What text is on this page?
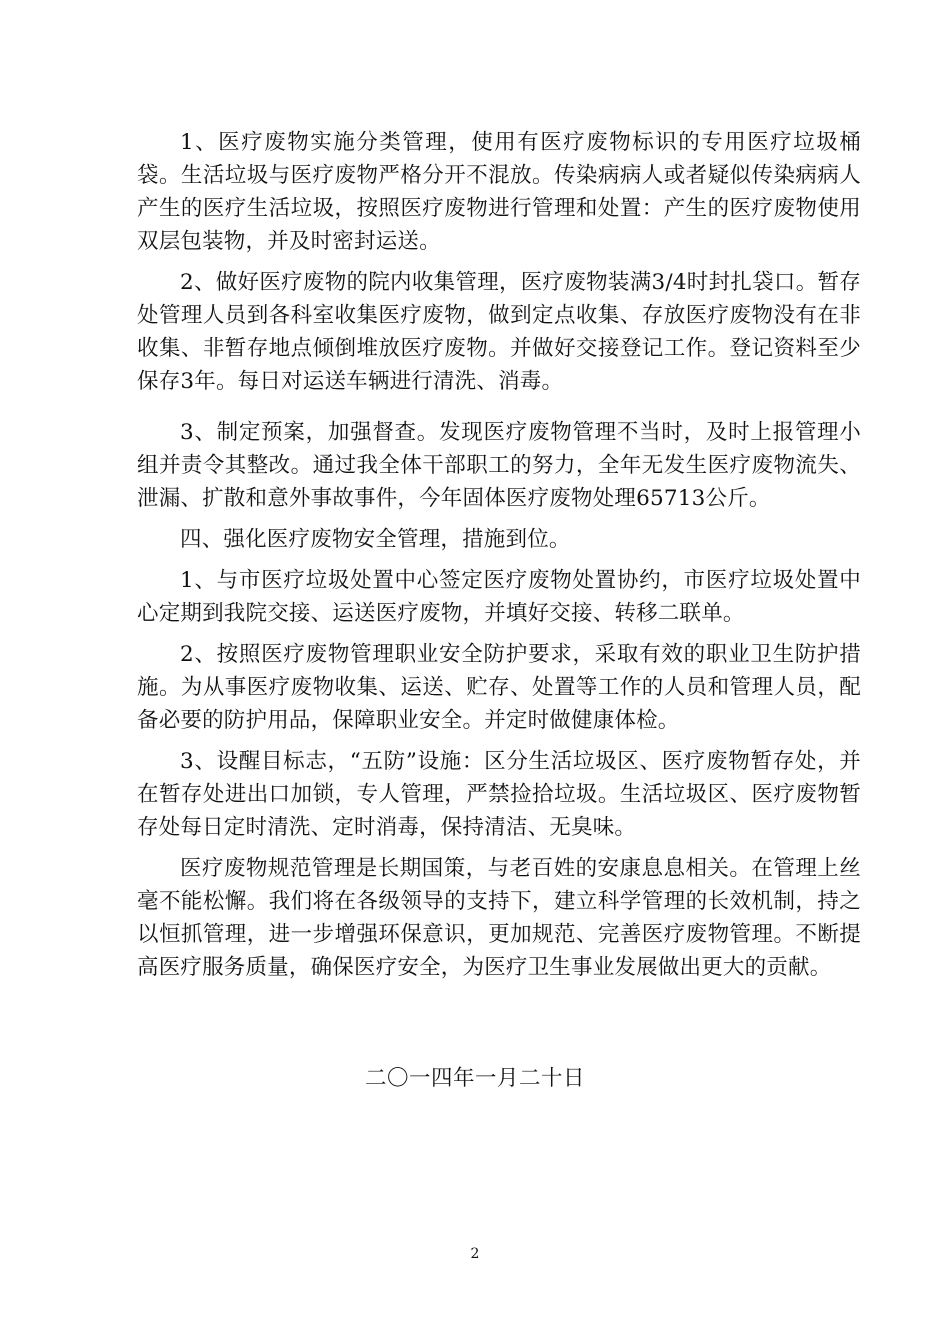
1、医疗废物实施分类管理，使用有医疗废物标识的专用医疗垃圾桶袋。生活垃圾与医疗废物严格分开不混放。传染病病人或者疑似传染病病人产生的医疗生活垃圾，按照医疗废物进行管理和处置：产生的医疗废物使用双层包装物，并及时密封运送。

2、做好医疗废物的院内收集管理，医疗废物装满3/4时封扎袋口。暂存处管理人员到各科室收集医疗废物，做到定点收集、存放医疗废物没有在非收集、非暂存地点倾倒堆放医疗废物。并做好交接登记工作。登记资料至少保存3年。每日对运送车辆进行清洗、消毒。

3、制定预案，加强督查。发现医疗废物管理不当时，及时上报管理小组并责令其整改。通过我全体干部职工的努力，全年无发生医疗废物流失、泄漏、扩散和意外事故事件，今年固体医疗废物处理65713公斤。

四、强化医疗废物安全管理，措施到位。

1、与市医疗垃圾处置中心签定医疗废物处置协约，市医疗垃圾处置中心定期到我院交接、运送医疗废物，并填好交接、转移二联单。

2、按照医疗废物管理职业安全防护要求，采取有效的职业卫生防护措施。为从事医疗废物收集、运送、贮存、处置等工作的人员和管理人员，配备必要的防护用品，保障职业安全。并定时做健康体检。

3、设醒目标志，“五防”设施：区分生活垃圾区、医疗废物暂存处，并在暂存处进出口加锁，专人管理，严禁捡拾垃圾。生活垃圾区、医疗废物暂存处每日定时清洗、定时消毒，保持清洁、无臭味。

医疗废物规范管理是长期国策，与老百姓的安康息息相关。在管理上丝毫不能松懈。我们将在各级领导的支持下，建立科学管理的长效机制，持之以恒抓管理，进一步增强环保意识，更加规范、完善医疗废物管理。不断提高医疗服务质量，确保医疗安全，为医疗卫生事业发展做出更大的贡献。

二〇一四年一月二十日
2
